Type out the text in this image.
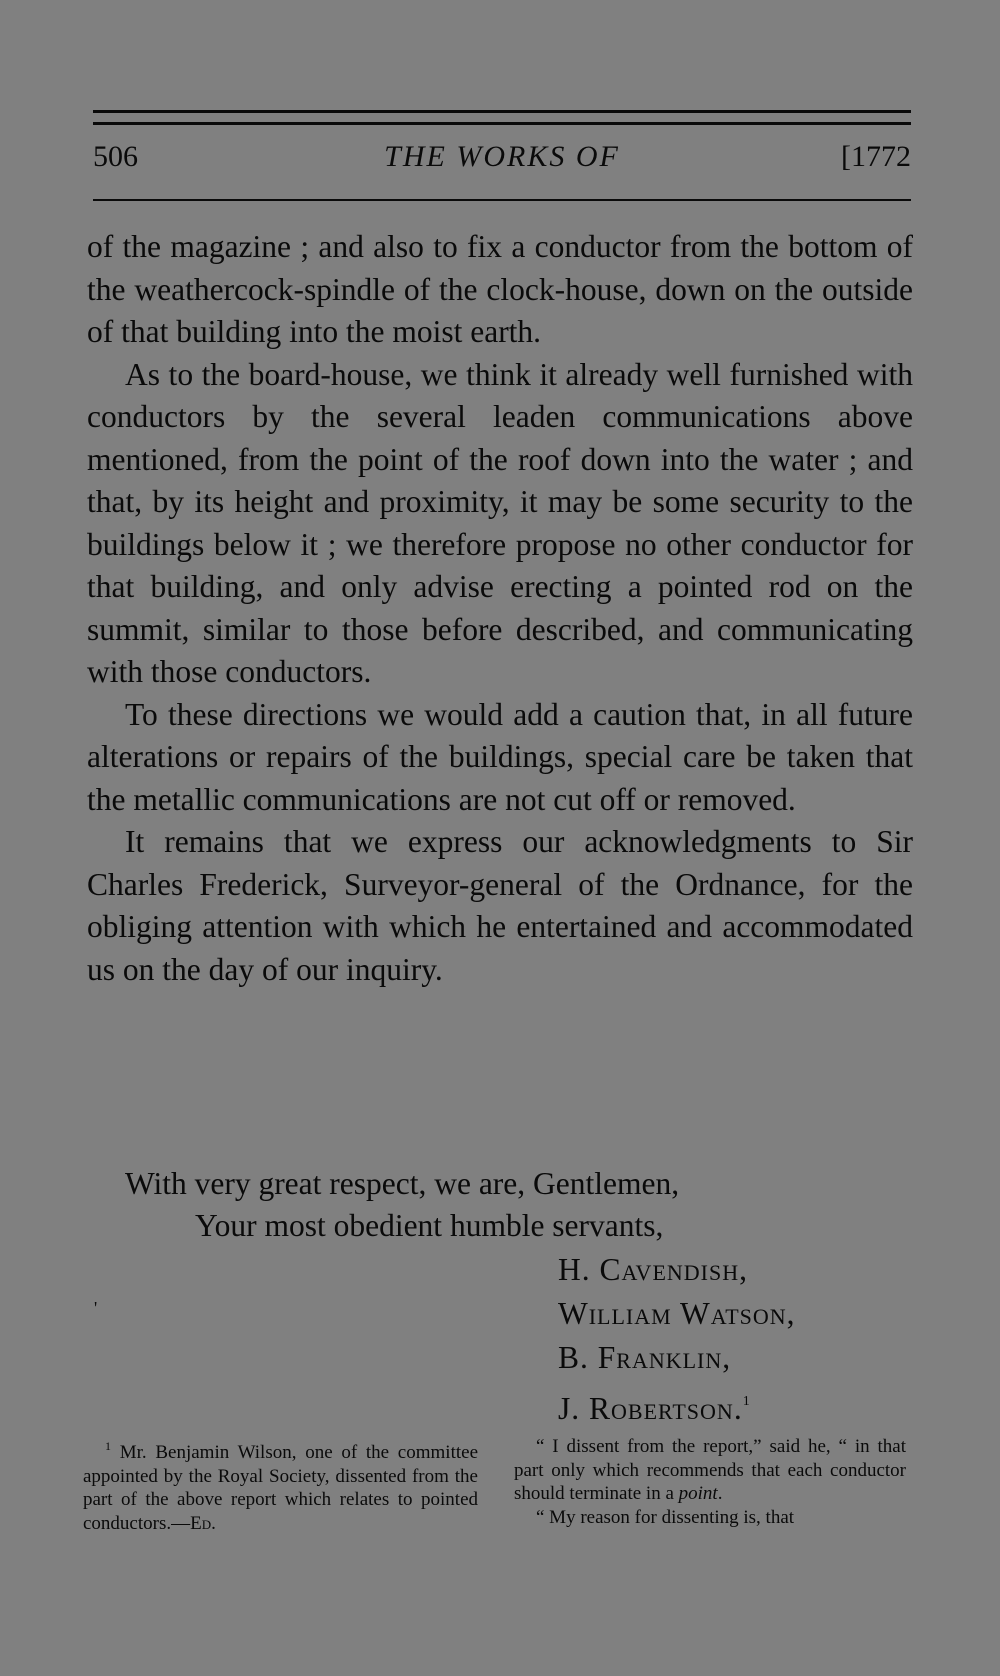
506	THE WORKS OF	[1772

of the magazine ; and also to fix a conductor from the bottom of the weathercock-spindle of the clock-house, down on the outside of that building into the moist earth.

As to the board-house, we think it already well furnished with conductors by the several leaden communications above mentioned, from the point of the roof down into the water ; and that, by its height and proximity, it may be some security to the buildings below it ; we therefore propose no other conductor for that building, and only advise erecting a pointed rod on the summit, similar to those before described, and communicating with those conductors.

To these directions we would add a caution that, in all future alterations or repairs of the buildings, special care be taken that the metallic communications are not cut off or removed.

It remains that we express our acknowledgments to Sir Charles Frederick, Surveyor-general of the Ordnance, for the obliging attention with which he entertained and accommodated us on the day of our inquiry.

With very great respect, we are, Gentlemen,
Your most obedient humble servants,
'
H. Cavendish,
William Watson,
B. Franklin,
J. Robertson.$^1$

$^1$ Mr. Benjamin Wilson, one of the committee appointed by the Royal Society, dissented from the part of the above report which relates to pointed conductors.—Ed.

“ I dissent from the report,” said he, “ in that part only which recommends that each conductor should terminate in a point.

“ My reason for dissenting is, that
